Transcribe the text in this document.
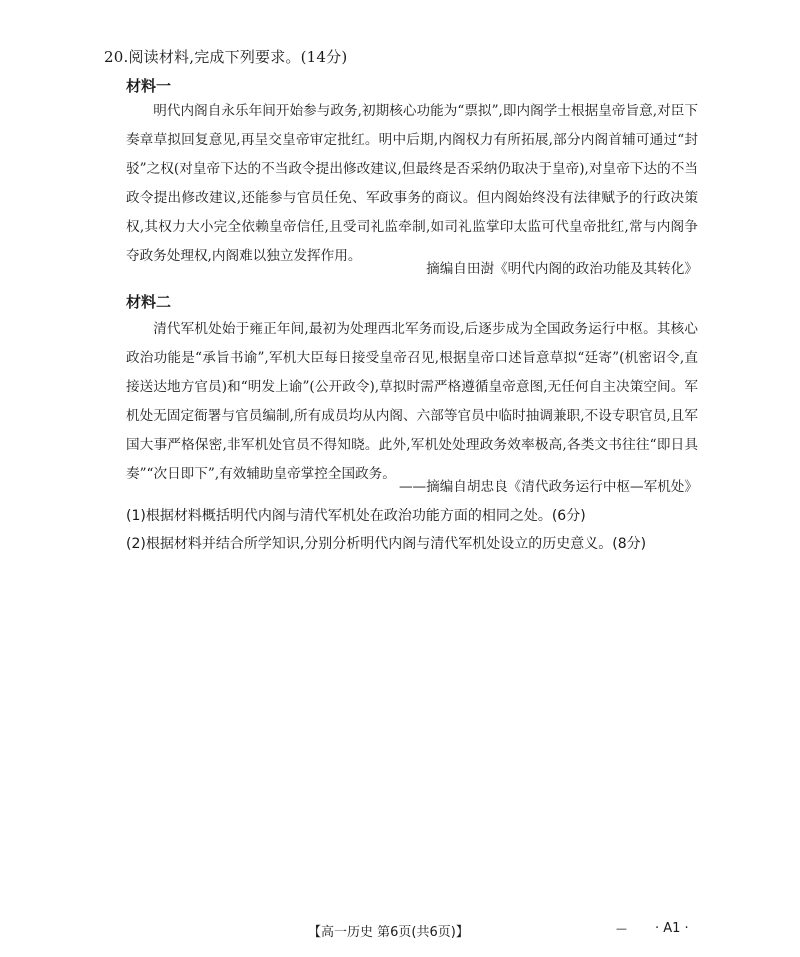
20.阅读材料,完成下列要求。(14分)
材料一

明代内阁自永乐年间开始参与政务,初期核心功能为“票拟”,即内阁学士根据皇帝旨意,对臣下奏章草拟回复意见,再呈交皇帝审定批红。明中后期,内阁权力有所拓展,部分内阁首辅可通过“封驳”之权(对皇帝下达的不当政令提出修改建议,但最终是否采纳仍取决于皇帝),对皇帝下达的不当政令提出修改建议,还能参与官员任免、军政事务的商议。但内阁始终没有法律赋予的行政决策权,其权力大小完全依赖皇帝信任,且受司礼监牵制,如司礼监掌印太监可代皇帝批红,常与内阁争夺政务处理权,内阁难以独立发挥作用。

摘编自田澍《明代内阁的政治功能及其转化》
材料二

清代军机处始于雍正年间,最初为处理西北军务而设,后逐步成为全国政务运行中枢。其核心政治功能是“承旨书谕”,军机大臣每日接受皇帝召见,根据皇帝口述旨意草拟“廷寄”(机密诏令,直接送达地方官员)和“明发上谕”(公开政令),草拟时需严格遵循皇帝意图,无任何自主决策空间。军机处无固定衙署与官员编制,所有成员均从内阁、六部等官员中临时抽调兼职,不设专职官员,且军国大事严格保密,非军机处官员不得知晓。此外,军机处处理政务效率极高,各类文书往往“即日具奏”“次日即下”,有效辅助皇帝掌控全国政务。

——摘编自胡忠良《清代政务运行中枢—军机处》
(1)根据材料概括明代内阁与清代军机处在政治功能方面的相同之处。(6分)
(2)根据材料并结合所学知识,分别分析明代内阁与清代军机处设立的历史意义。(8分)
【高一历史 第6页(共6页)】	— · A1 ·
